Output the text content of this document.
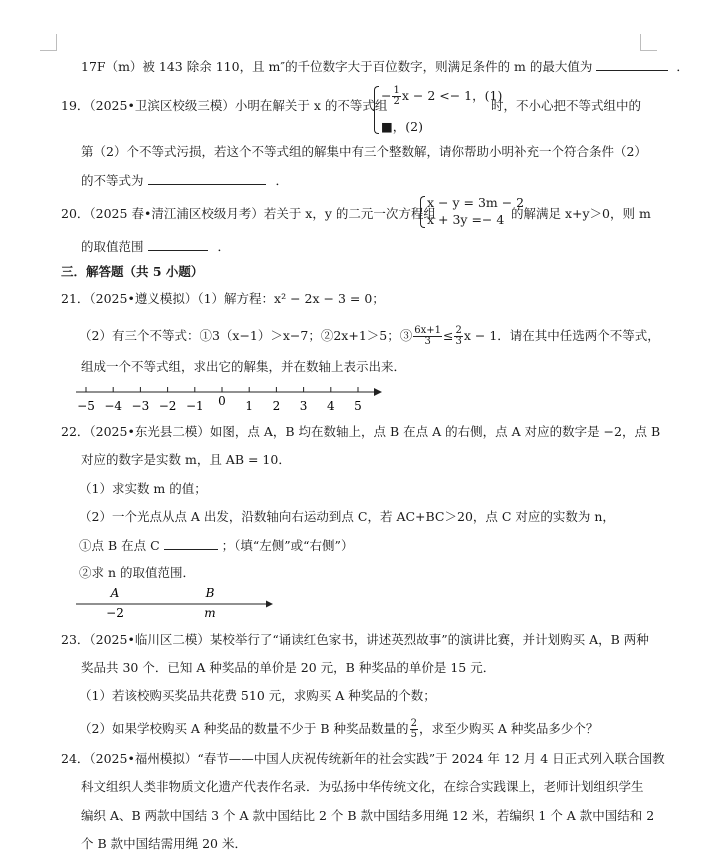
17F（m）被 143 除余 110，且 m″的千位数字大于百位数字，则满足条件的 m 的最大值为	．
19．（2025•卫滨区校级三模）小明在解关于 x 的不等式组
− $\frac{1}{2}$ x − 2 <− 1，(1)
■，(2)
时，不小心把不等式组中的
第（2）个不等式污损，若这个不等式组的解集中有三个整数解，请你帮助小明补充一个符合条件（2）
的不等式为	．
20．（2025 春•清江浦区校级月考）若关于 x，y 的二元一次方程组
x − y = 3m − 2
x + 3y =− 4 的解满足 x+y＞0，则 m
的取值范围	．
三．解答题（共 5 小题）
21．（2025•遵义模拟）（1）解方程：x² − 2x − 3 = 0；
（2）有三个不等式：①3（x−1）＞x−7；②2x+1＞5；③ $\frac{6x+1}{3} \le \frac{2}{3}$ x − 1．请在其中任选两个不等式，
组成一个不等式组，求出它的解集，并在数轴上表示出来．
−5 −4 −3 −2 −1 0 1 2 3 4 5
22．（2025•东光县二模）如图，点 A，B 均在数轴上，点 B 在点 A 的右侧，点 A 对应的数字是 −2，点 B
对应的数字是实数 m，且 AB = 10．
（1）求实数 m 的值；
（2）一个光点从点 A 出发，沿数轴向右运动到点 C，若 AC+BC＞20，点 C 对应的实数为 n，
①点 B 在点 C	；（填“左侧”或“右侧”）
②求 n 的取值范围．
A	B
−2	m
23．（2025•临川区二模）某校举行了“诵读红色家书，讲述英烈故事”的演讲比赛，并计划购买 A，B 两种
奖品共 30 个．已知 A 种奖品的单价是 20 元，B 种奖品的单价是 15 元．
（1）若该校购买奖品共花费 510 元，求购买 A 种奖品的个数；
（2）如果学校购买 A 种奖品的数量不少于 B 种奖品数量的 $\frac{2}{5}$ ，求至少购买 A 种奖品多少个？
24．（2025•福州模拟）“春节——中国人庆祝传统新年的社会实践”于 2024 年 12 月 4 日正式列入联合国教
科文组织人类非物质文化遗产代表作名录．为弘扬中华传统文化，在综合实践课上，老师计划组织学生
编织 A、B 两款中国结 3 个 A 款中国结比 2 个 B 款中国结多用绳 12 米，若编织 1 个 A 款中国结和 2
个 B 款中国结需用绳 20 米．
